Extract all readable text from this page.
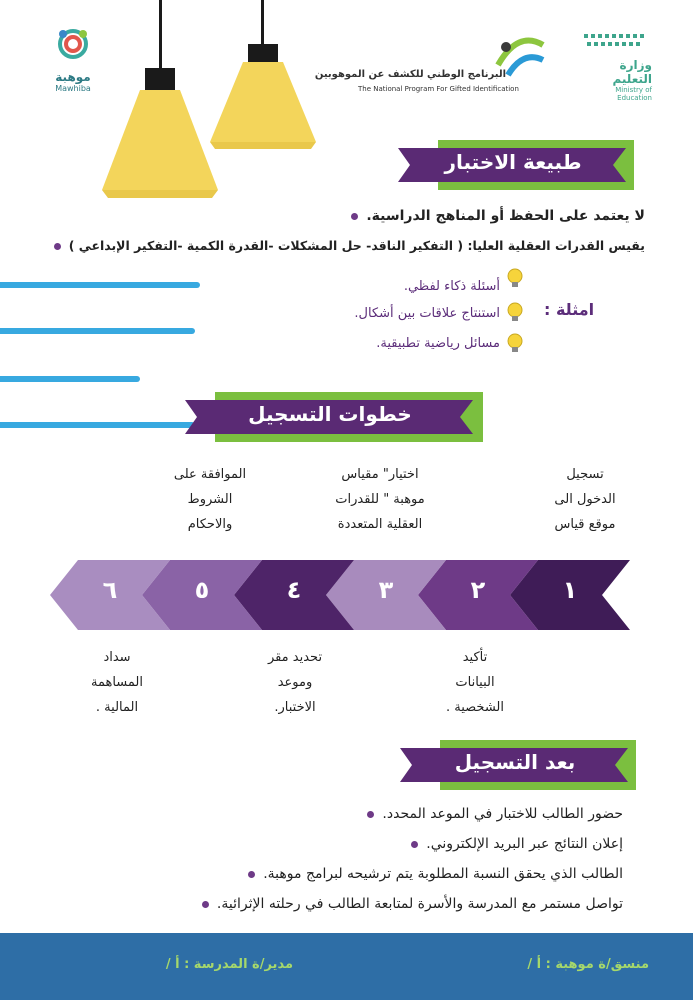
موهبة
Mawhiba
البرنامج الوطني للكشف عن الموهوبين
The National Program For Gifted Identification
وزارة التعليم
Ministry of Education
طبيعة الاختبار
لا يعتمد على الحفظ أو المناهج الدراسية.
يقيس القدرات العقلية العليا: ( التفكير الناقد- حل المشكلات -القدرة الكمية -التفكير الإبداعي )
امثلة :
أسئلة ذكاء لفظي.
استنتاج علاقات بين أشكال.
مسائل رياضية تطبيقية.
خطوات التسجيل
تسجيل
الدخول الى
موقع قياس
اختيار" مقياس
موهبة " للقدرات
العقلية المتعددة
الموافقة على
الشروط
والاحكام
١
٢
٣
٤
٥
٦
تأكيد
البيانات
الشخصية .
تحديد مقر
وموعد
الاختبار.
سداد
المساهمة
المالية .
بعد التسجيل
حضور الطالب للاختبار في الموعد المحدد.
إعلان النتائج عبر البريد الإلكتروني.
الطالب الذي يحقق النسبة المطلوبة يتم ترشيحه لبرامج موهبة.
تواصل مستمر مع المدرسة والأسرة لمتابعة الطالب في رحلته الإثرائية.
منسق/ة موهبة : أ /
مدير/ة المدرسة : أ /
